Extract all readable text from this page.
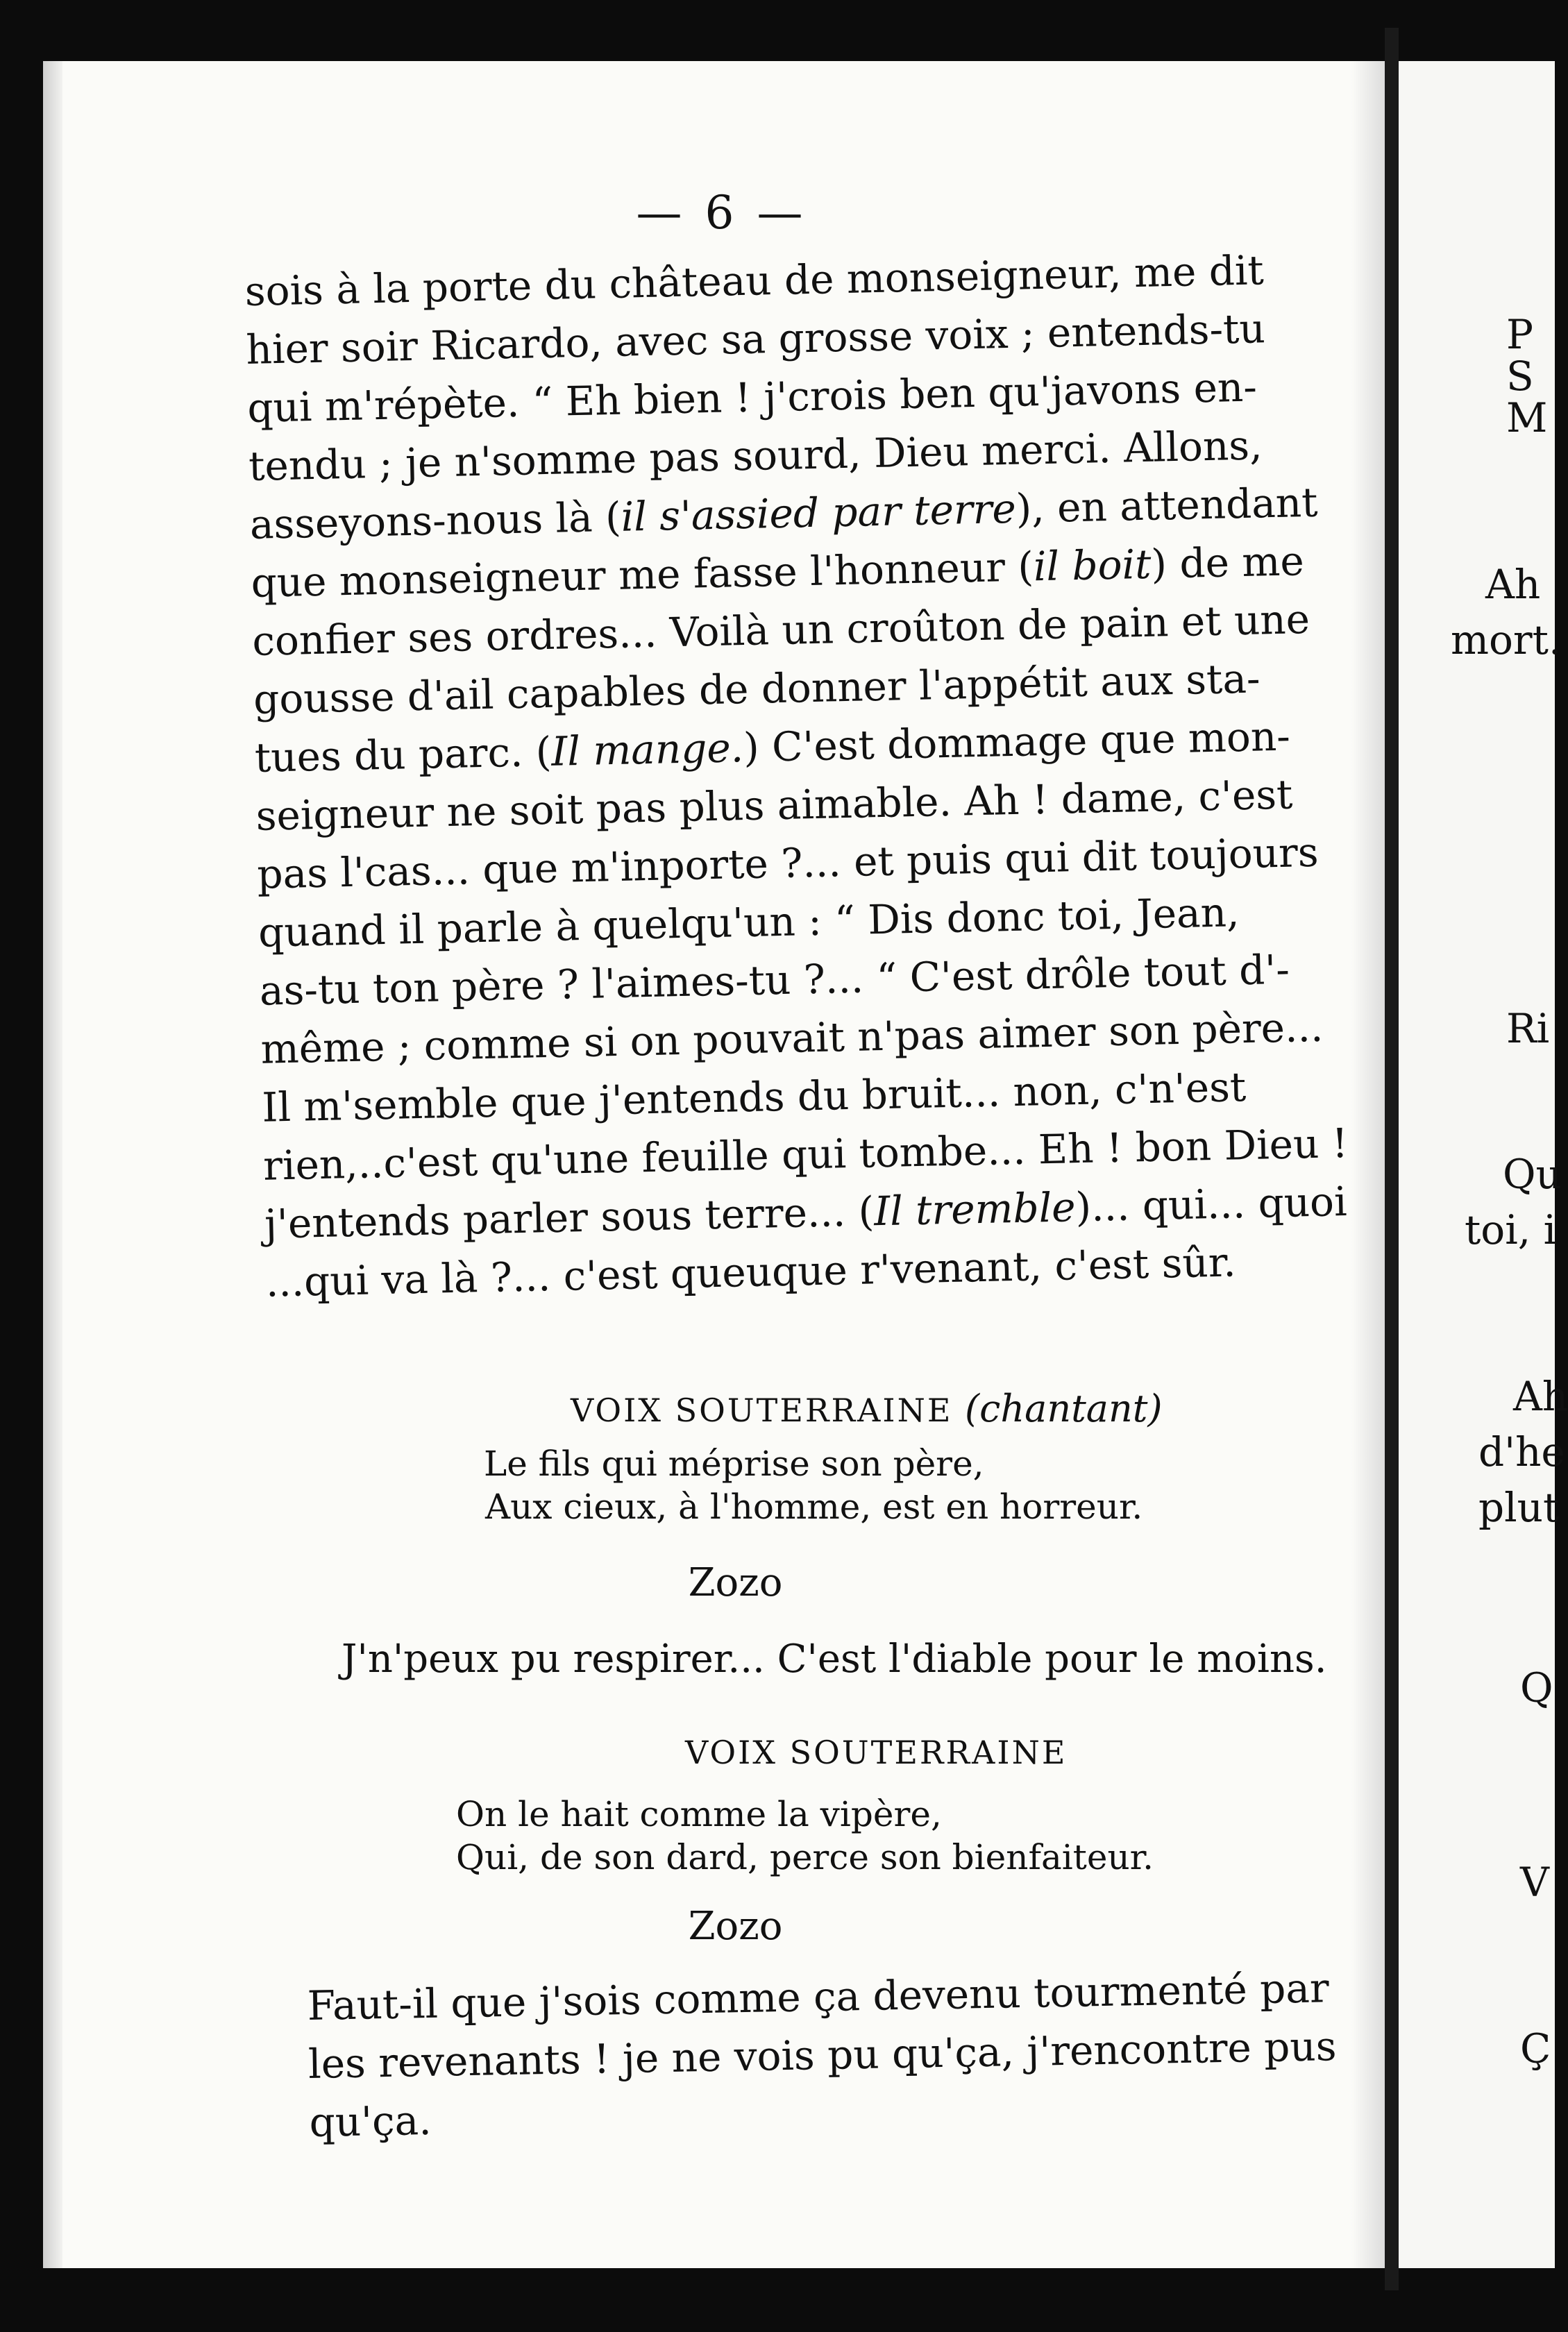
— 6 —
sois à la porte du château de monseigneur, me dit
hier soir Ricardo, avec sa grosse voix ; entends-tu
qui m'répète. “ Eh bien ! j'crois ben qu'javons en-
tendu ; je n'somme pas sourd, Dieu merci. Allons,
asseyons-nous là (il s'assied par terre), en attendant
que monseigneur me fasse l'honneur (il boit) de me
confier ses ordres... Voilà un croûton de pain et une
gousse d'ail capables de donner l'appétit aux sta-
tues du parc. (Il mange.) C'est dommage que mon-
seigneur ne soit pas plus aimable. Ah ! dame, c'est
pas l'cas... que m'inporte ?... et puis qui dit toujours
quand il parle à quelqu'un : “ Dis donc toi, Jean,
as-tu ton père ? l'aimes-tu ?... “ C'est drôle tout d'-
même ; comme si on pouvait n'pas aimer son père...
Il m'semble que j'entends du bruit... non, c'n'est
rien,..c'est qu'une feuille qui tombe... Eh ! bon Dieu !
j'entends parler sous terre... (Il tremble)... qui... quoi
...qui va là ?... c'est queuque r'venant, c'est sûr.
VOIX SOUTERRAINE (chantant)
Le fils qui méprise son père,
Aux cieux, à l'homme, est en horreur.
Zozo
J'n'peux pu respirer... C'est l'diable pour le moins.
VOIX SOUTERRAINE
On le hait comme la vipère,
Qui, de son dard, perce son bienfaiteur.
Zozo
Faut-il que j'sois comme ça devenu tourmenté par
les revenants ! je ne vois pu qu'ça, j'rencontre pus
qu'ça.
P
S
M
Ah
mort.
Ri
Qu
toi, i
Ah
d'he
plut
Q
V
Ç
